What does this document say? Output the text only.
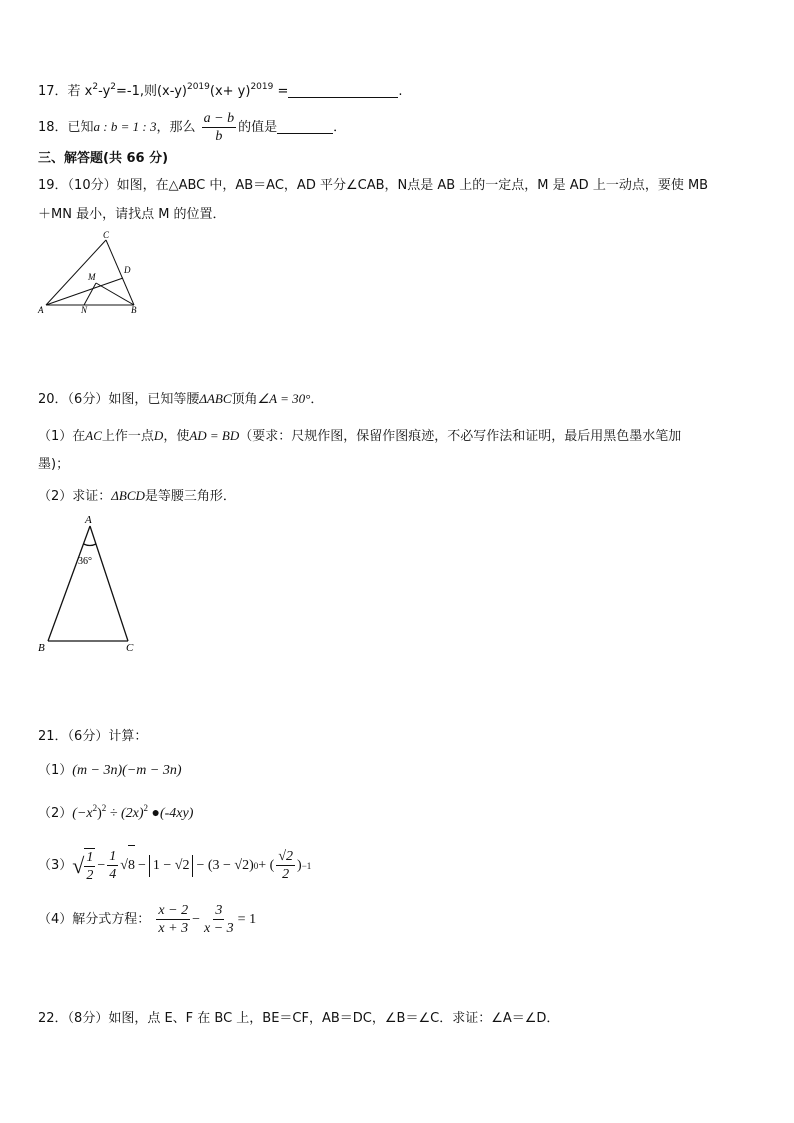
17．若 $x^2-y^2=-1$,则$(x-y)^{2019}(x+ y)^{2019}$ =	.
18．已知a : b = 1 : 3，那么 $\frac{a - b}{b}$ 的值是	．
三、解答题(共 66 分)
19．（10分）如图，在△ABC 中，AB＝AC，AD 平分∠CAB，N点是 AB 上的一定点，M 是 AD 上一动点，要使 MB
＋MN 最小，请找点 M 的位置．
A	N	B
C
D
M
20．（6分）如图，已知等腰ΔABC顶角∠A = 30°．
（1）在AC上作一点D，使AD = BD（要求：尺规作图，保留作图痕迹，不必写作法和证明，最后用黑色墨水笔加
墨)；
（2）求证：ΔBCD是等腰三角形．
A
36°
B	C
21．（6分）计算：
（1）(m − 3n)(−m − 3n)
$(2)(-x^2)^2 \div (2x)^2$ ●(-4xy)
（3） √ $\frac{1}{2} - \frac{1}{4}$ √ 8 − 1 − √2 − (3 − √2) 0 + ( $\frac{√2}{2}$ ) −1
（4）解分式方程： $\frac{x - 2}{x + 3} - \frac{3}{x - 3} = 1$
22．（8分）如图，点 E、F 在 BC 上，BE＝CF，AB＝DC，∠B＝∠C．求证：∠A＝∠D．
